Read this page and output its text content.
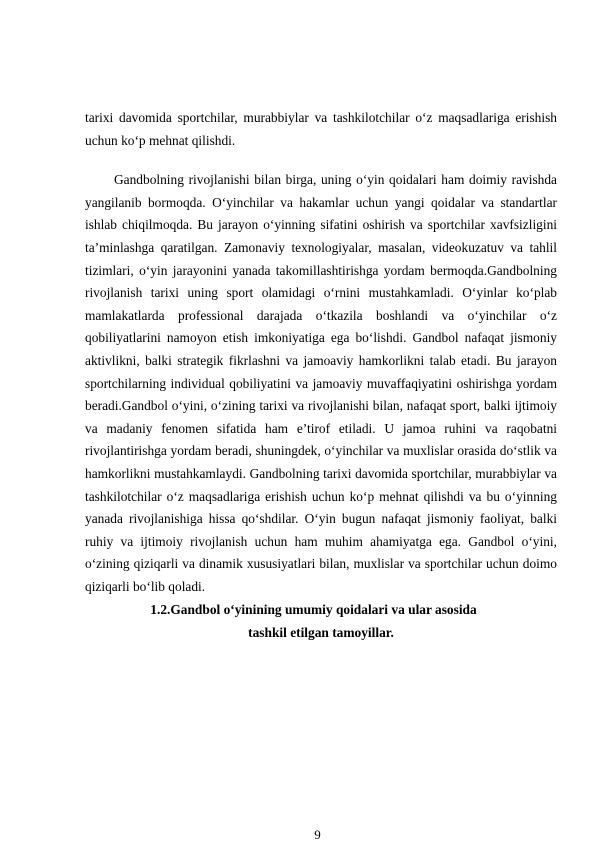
tarixi davomida sportchilar, murabbiylar va tashkilotchilar o‘z maqsadlariga erishish uchun ko‘p mehnat qilishdi.

Gandbolning rivojlanishi bilan birga, uning o‘yin qoidalari ham doimiy ravishda yangilanib bormoqda. O‘yinchilar va hakamlar uchun yangi qoidalar va standartlar ishlab chiqilmoqda. Bu jarayon o‘yinning sifatini oshirish va sportchilar xavfsizligini ta’minlashga qaratilgan. Zamonaviy texnologiyalar, masalan, videokuzatuv va tahlil tizimlari, o‘yin jarayonini yanada takomillashtirishga yordam bermoqda.Gandbolning rivojlanish tarixi uning sport olamidagi o‘rnini mustahkamladi. O‘yinlar ko‘plab mamlakatlarda professional darajada o‘tkazila boshlandi va o‘yinchilar o‘z qobiliyatlarini namoyon etish imkoniyatiga ega bo‘lishdi. Gandbol nafaqat jismoniy aktivlikni, balki strategik fikrlashni va jamoaviy hamkorlikni talab etadi. Bu jarayon sportchilarning individual qobiliyatini va jamoaviy muvaffaqiyatini oshirishga yordam beradi.Gandbol o‘yini, o‘zining tarixi va rivojlanishi bilan, nafaqat sport, balki ijtimoiy va madaniy fenomen sifatida ham e’tirof etiladi. U jamoa ruhini va raqobatni rivojlantirishga yordam beradi, shuningdek, o‘yinchilar va muxlislar orasida do‘stlik va hamkorlikni mustahkamlaydi. Gandbolning tarixi davomida sportchilar, murabbiylar va tashkilotchilar o‘z maqsadlariga erishish uchun ko‘p mehnat qilishdi va bu o‘yinning yanada rivojlanishiga hissa qo‘shdilar. O‘yin bugun nafaqat jismoniy faoliyat, balki ruhiy va ijtimoiy rivojlanish uchun ham muhim ahamiyatga ega. Gandbol o‘yini, o‘zining qiziqarli va dinamik xususiyatlari bilan, muxlislar va sportchilar uchun doimo qiziqarli bo‘lib qoladi.

1.2.Gandbol o‘yinining umumiy qoidalari va ular asosida
tashkil etilgan tamoyillar.
9
